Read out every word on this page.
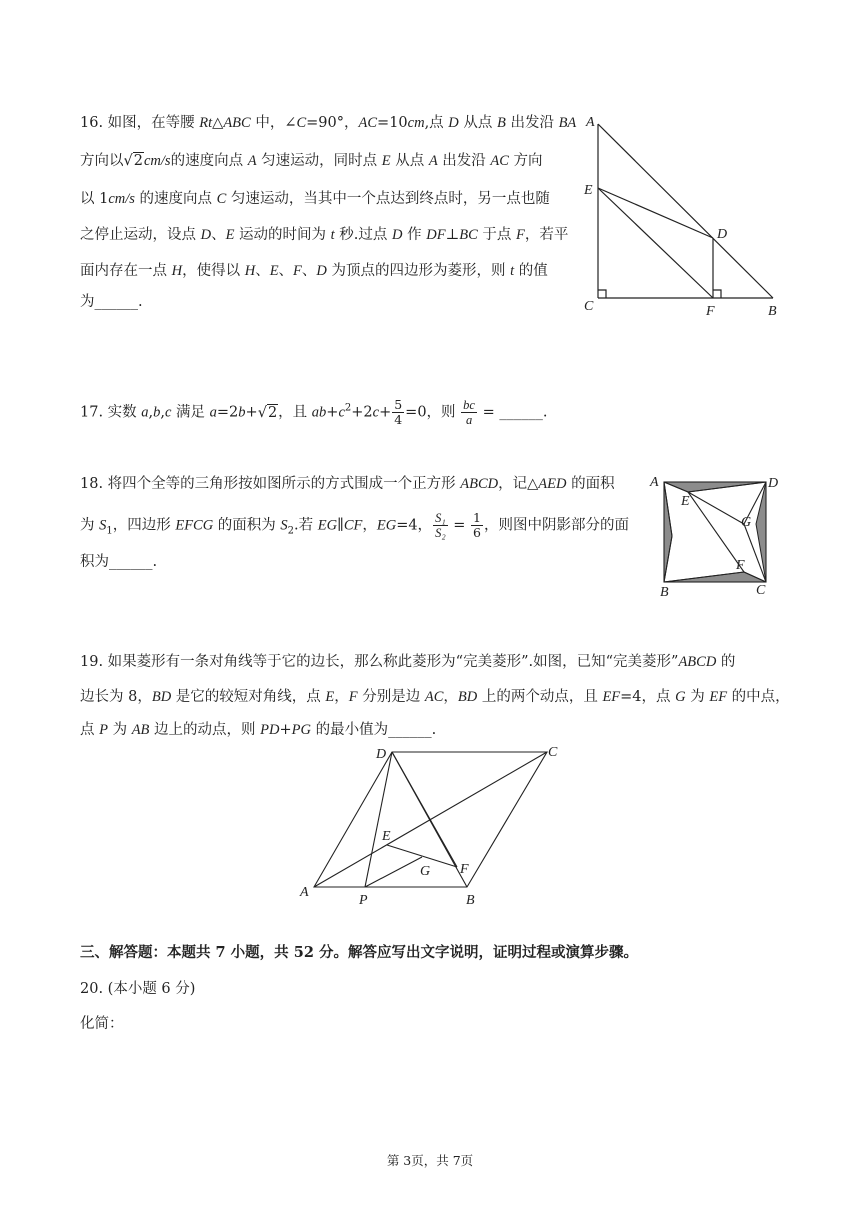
16. 如图，在等腰 Rt△ABC 中，∠C=90°，AC=10cm,点 D 从点 B 出发沿 BA
方向以√2cm/s的速度向点 A 匀速运动，同时点 E 从点 A 出发沿 AC 方向
以 1cm/s 的速度向点 C 匀速运动，当其中一个点达到终点时，另一点也随
之停止运动，设点 D、E 运动的时间为 t 秒.过点 D 作 DF⊥BC 于点 F，若平
面内存在一点 H，使得以 H、E、F、D 为顶点的四边形为菱形，则 t 的值
为______.
A
E
D
C	F	B
17. 实数 a,b,c 满足 a=2b+√2，且 $ab+c^2+2c+ \frac{5}{4} =0$，则 $\frac{bc}{a}$ = ______.
18. 将四个全等的三角形按如图所示的方式围成一个正方形 ABCD，记△AED 的面积
为 $S_1$，四边形 EFCG 的面积为 $S_2$.若 EG∥CF，EG=4， $\frac{\text{S₁}}{\text{S₂}} = \frac{1}{6}$ ，则图中阴影部分的面
积为______.
A	D
E
G
F
B	C
19. 如果菱形有一条对角线等于它的边长，那么称此菱形为“完美菱形”.如图，已知“完美菱形”ABCD 的
边长为 8，BD 是它的较短对角线，点 E，F 分别是边 AC，BD 上的两个动点，且 EF=4，点 G 为 EF 的中点，
点 P 为 AB 边上的动点，则 PD+PG 的最小值为______.
D	C
E
G F
A
P	B
三、解答题：本题共 7 小题，共 52 分。解答应写出文字说明，证明过程或演算步骤。
20. (本小题 6 分)
化简：
第 3页，共 7页
